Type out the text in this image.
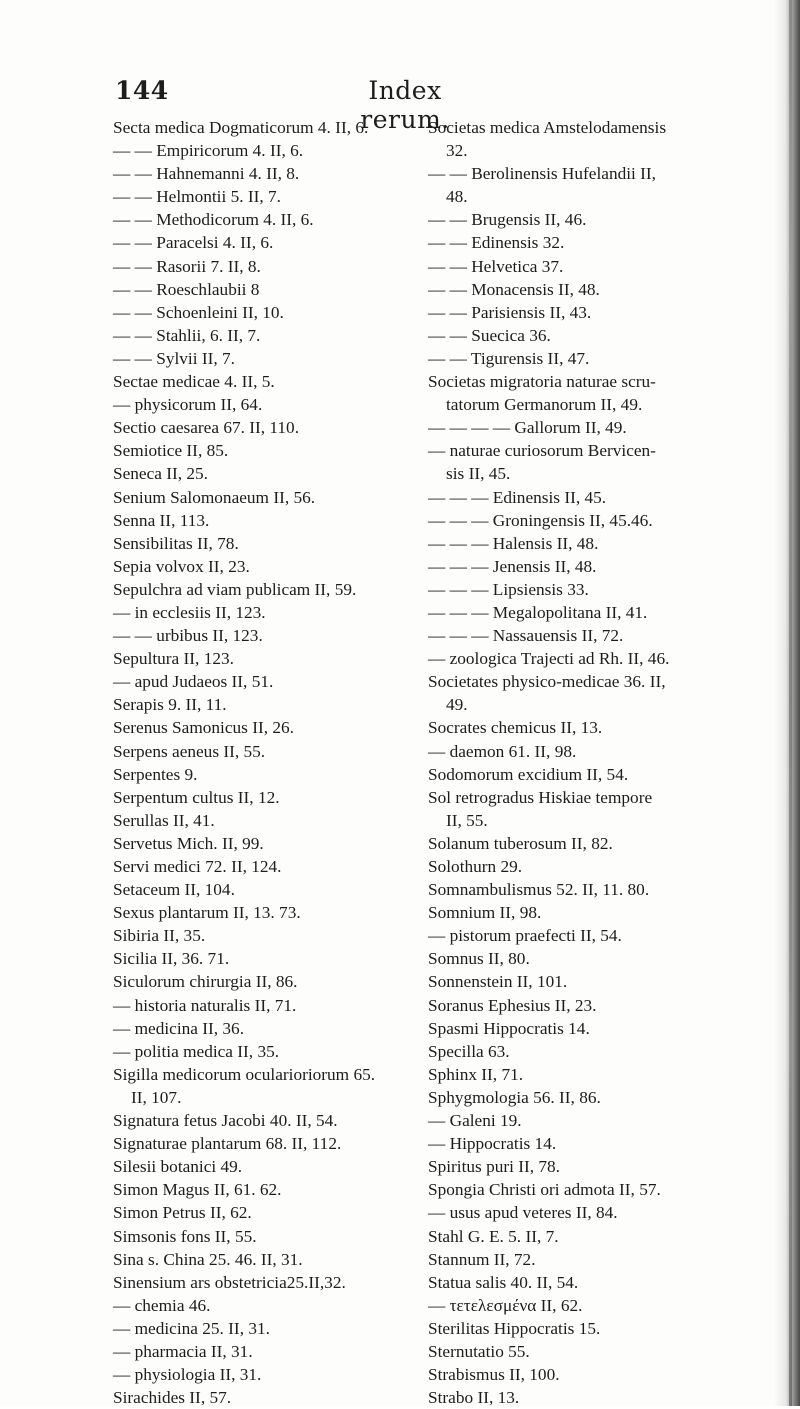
144	Index rerum.
Secta medica Dogmaticorum 4. II, 6.
— — Empiricorum 4. II, 6.
— — Hahnemanni 4. II, 8.
— — Helmontii 5. II, 7.
— — Methodicorum 4. II, 6.
— — Paracelsi 4. II, 6.
— — Rasorii 7. II, 8.
— — Roeschlaubii 8
— — Schoenleini II, 10.
— — Stahlii, 6. II, 7.
— — Sylvii II, 7.
Sectae medicae 4. II, 5.
— physicorum II, 64.
Sectio caesarea 67. II, 110.
Semiotice II, 85.
Seneca II, 25.
Senium Salomonaeum II, 56.
Senna II, 113.
Sensibilitas II, 78.
Sepia volvox II, 23.
Sepulchra ad viam publicam II, 59.
— in ecclesiis II, 123.
— — urbibus II, 123.
Sepultura II, 123.
— apud Judaeos II, 51.
Serapis 9. II, 11.
Serenus Samonicus II, 26.
Serpens aeneus II, 55.
Serpentes 9.
Serpentum cultus II, 12.
Serullas II, 41.
Servetus Mich. II, 99.
Servi medici 72. II, 124.
Setaceum II, 104.
Sexus plantarum II, 13. 73.
Sibiria II, 35.
Sicilia II, 36. 71.
Siculorum chirurgia II, 86.
— historia naturalis II, 71.
— medicina II, 36.
— politia medica II, 35.
Sigilla medicorum ocularioriorum 65.
II, 107.
Signatura fetus Jacobi 40. II, 54.
Signaturae plantarum 68. II, 112.
Silesii botanici 49.
Simon Magus II, 61. 62.
Simon Petrus II, 62.
Simsonis fons II, 55.
Sina s. China 25. 46. II, 31.
Sinensium ars obstetricia25.II,32.
— chemia 46.
— medicina 25. II, 31.
— pharmacia II, 31.
— physiologia II, 31.
Sirachides II, 57.
Societas medica Amstelodamensis
32.
— — Berolinensis Hufelandii II,
48.
— — Brugensis II, 46.
— — Edinensis 32.
— — Helvetica 37.
— — Monacensis II, 48.
— — Parisiensis II, 43.
— — Suecica 36.
— — Tigurensis II, 47.
Societas migratoria naturae scru-
tatorum Germanorum II, 49.
— — — — Gallorum II, 49.
— naturae curiosorum Bervicen-
sis II, 45.
— — — Edinensis II, 45.
— — — Groningensis II, 45.46.
— — — Halensis II, 48.
— — — Jenensis II, 48.
— — — Lipsiensis 33.
— — — Megalopolitana II, 41.
— — — Nassauensis II, 72.
— zoologica Trajecti ad Rh. II, 46.
Societates physico-medicae 36. II,
49.
Socrates chemicus II, 13.
— daemon 61. II, 98.
Sodomorum excidium II, 54.
Sol retrogradus Hiskiae tempore
II, 55.
Solanum tuberosum II, 82.
Solothurn 29.
Somnambulismus 52. II, 11. 80.
Somnium II, 98.
— pistorum praefecti II, 54.
Somnus II, 80.
Sonnenstein II, 101.
Soranus Ephesius II, 23.
Spasmi Hippocratis 14.
Specilla 63.
Sphinx II, 71.
Sphygmologia 56. II, 86.
— Galeni 19.
— Hippocratis 14.
Spiritus puri II, 78.
Spongia Christi ori admota II, 57.
— usus apud veteres II, 84.
Stahl G. E. 5. II, 7.
Stannum II, 72.
Statua salis 40. II, 54.
— τετελεσμένα II, 62.
Sterilitas Hippocratis 15.
Sternutatio 55.
Strabismus II, 100.
Strabo II, 13.
